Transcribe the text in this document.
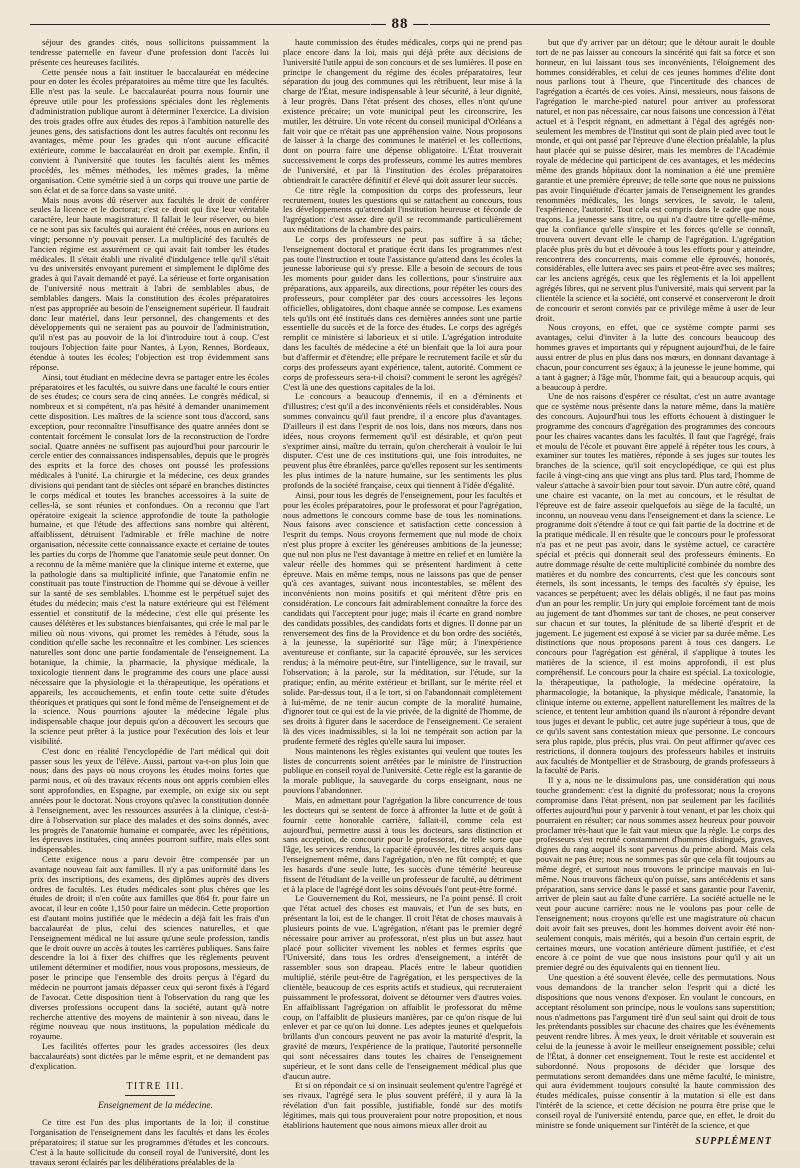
— 88 —

séjour des grandes cités, nous sollicitons puissamment la tendresse paternelle en faveur d'une profession dont l'accès lui présente ces heureuses facilités.

Cette pensée nous a fait instituer le baccalauréat en médecine pour en doter les écoles préparatoires au même titre que les facultés. Elle n'est pas la seule. Le baccalauréat pourra nous fournir une épreuve utile pour les professions spéciales dont les règlements d'administration publique auront à déterminer l'exercice. La division des trois grades offre aux études des repos à l'ambition naturelle des jeunes gens, des satisfactions dont les autres facultés ont reconnu les avantages, même pour les grades qui n'ont aucune efficacité extérieure, comme le baccalauréat en droit par exemple. Enfin, il convient à l'université que toutes les facultés aient les mêmes procédés, les mêmes méthodes, les mêmes grades, la même organisation. Cette symétrie sied à un corps qui trouve une partie de son éclat et de sa force dans sa vaste unité.

Mais nous avons dû réserver aux facultés le droit de conférer seules la licence et le doctorat; c'est ce droit qui fixe leur véritable caractère, leur haute magistrature. Il fallait le leur réserver, ou bien ce ne sont pas six facultés qui auraient été créées, nous en aurions eu vingt; personne n'y pouvait penser. La multiplicité des facultés de l'ancien régime est assurément ce qui avait fait tomber les études médicales. Il s'était établi une rivalité d'indulgence telle qu'il s'était vu des universités envoyant purement et simplement le diplôme des grades à qui l'avait demandé et payé. La sérieuse et forte organisation de l'université nous mettrait à l'abri de semblables abus, de semblables dangers. Mais la constitution des écoles préparatoires n'est pas appropriée au besoin de l'enseignement supérieur. Il faudrait donc leur matériel, dans leur personnel, des changements et des développements qui ne seraient pas au pouvoir de l'administration, qu'il n'est pas au pouvoir de la loi d'introduire tout à coup. C'est toujours l'objection faite pour Nantes, à Lyon, Rennes, Bordeaux, étendue à toutes les écoles; l'objection est trop évidemment sans réponse.

Ainsi, tout étudiant en médecine devra se partager entre les écoles préparatoires et les facultés, ou suivre dans une faculté le cours entier de ses études; ce cours sera de cinq années. Le congrès médical, si nombreux et si compétent, n'a pas hésité à demander unanimement cette disposition. Les maîtres de la science sont tous d'accord, sans exception, pour reconnaître l'insuffisance des quatre années dont se contentait forcément le consulat lors de la reconstruction de l'ordre social. Quatre années ne suffisent pas aujourd'hui pour parcourir le cercle entier des connaissances indispensables, depuis que le progrès des esprits et la force des choses ont poussé les professions médicales à l'unité. La chirurgie et la médecine, ces deux grandes divisions qui pendant tant de siècles ont séparé en branches distinctes le corps médical et toutes les branches accessoires à la suite de celles-là, se sont réunies et confondues. On a reconnu que l'art opératoire exigeait la science approfondie de toute la pathologie humaine, et que l'étude des affections sans nombre qui altèrent, affaiblissent, détruisent l'admirable et frêle machine de notre organisation, nécessite cette connaissance exacte et certaine de toutes les parties du corps de l'homme que l'anatomie seule peut donner. On a reconnu de la même manière que la clinique interne et externe, que la pathologie dans sa multiplicité infinie, que l'anatomie enfin ne constituait pas toute l'instruction de l'homme qui se dévoue à veiller sur la santé de ses semblables. L'homme est le perpétuel sujet des études du médecin; mais c'est la nature extérieure qui est l'élément essentiel et constitutif de la médecine, c'est elle qui présente les causes délétères et les substances bienfaisantes, qui crée le mal par le milieu où nous vivons, qui promet les remèdes à l'étude, sous la condition qu'elle sache les reconnaître et les combiner. Les sciences naturelles sont donc une partie fondamentale de l'enseignement. La botanique, la chimie, la pharmacie, la physique médicale, la toxicologie tiennent dans le programme des cours une place aussi nécessaire que la physiologie et la thérapeutique, les opérations et appareils, les accouchements, et enfin toute cette suite d'études théoriques et pratiques qui sont le fond même de l'enseignement et de la science. Nous pourrions ajouter la médecine légale plus indispensable chaque jour depuis qu'on a découvert les secours que la science peut prêter à la justice pour l'exécution des lois et leur visibilité.

C'est donc en réalité l'encyclopédie de l'art médical qui doit passer sous les yeux de l'élève. Aussi, partout va-t-on plus loin que nous; dans des pays où nous croyons les études moins fortes que parmi nous, et où des travaux récents nous ont appris combien elles sont approfondies, en Espagne, par exemple, on exige six ou sept années pour le doctorat. Nous croyons qu'avec la constitution donnée à l'enseignement, avec les ressources assurées à la clinique, c'est-à-dire à l'observation sur place des malades et des soins donnés, avec les progrès de l'anatomie humaine et comparée, avec les répétitions, les épreuves instituées, cinq années pourront suffire, mais elles sont indispensables.

Cette exigence nous a paru devoir être compensée par un avantage nouveau fait aux familles. Il n'y a pas uniformité dans les prix des inscriptions, des examens, des diplômes auprès des divers ordres de facultés. Les études médicales sont plus chères que les études de droit; il n'en coûte aux familles que 864 fr. pour faire un avocat, il leur en coûte 1,150 pour faire un médecin. Cette proportion est d'autant moins justifiée que le médecin a déjà fait les frais d'un baccalauréat de plus, celui des sciences naturelles, et que l'enseignement médical ne lui assure qu'une seule profession, tandis que le droit ouvre un accès à toutes les carrières publiques. Sans faire descendre la loi à fixer des chiffres que les règlements peuvent utilement déterminer et modifier, nous vous proposons, messieurs, de poser le principe que l'ensemble des droits perçus à l'égard du médecin ne pourront jamais dépasser ceux qui seront fixés à l'égard de l'avocat. Cette disposition tient à l'observation du rang que les diverses professions occupent dans la société, autant qu'à notre recherche attentive des moyens de maintenir à son niveau, dans le régime nouveau que nous instituons, la population médicale du royaume.

Les facilités offertes pour les grades accessoires (les deux baccalauréats) sont dictées par le même esprit, et ne demandent pas d'explication.

TITRE III.

Enseignement de la médecine.

Ce titre est l'un des plus importants de la loi; il constitue l'organisation de l'enseignement dans les facultés et dans les écoles préparatoires; il statue sur les programmes d'études et les concours. C'est à la haute sollicitude du conseil royal de l'université, dont les travaux seront éclairés par les délibérations préalables de la

haute commission des études médicales, corps qui ne prend pas place encore dans la loi, mais qui déjà prête aux décisions de l'université l'utile appui de son concours et de ses lumières. Il pose en principe le changement du régime des écoles préparatoires, leur séparation du joug des communes qui les rétribuent, leur mise à la charge de l'État, mesure indispensable à leur sécurité, à leur dignité, à leur progrès. Dans l'état présent des choses, elles n'ont qu'une existence précaire; un vote municipal peut les circonscrire, les mutiler, les détruire. Un vote récent du conseil municipal d'Orléans a fait voir que ce n'était pas une appréhension vaine. Nous proposons de laisser à la charge des communes le matériel et les collections, dont on pourra faire une dépense obligatoire. L'État trouverait successivement le corps des professeurs, comme les autres membres de l'université, et par là l'institution des écoles préparatoires obtiendrait le caractère définitif et élevé qui doit assurer leur succès.

Ce titre règle la composition du corps des professeurs, leur recrutement, toutes les questions qui se rattachent au concours, tous les développements qu'attendait l'institution heureuse et féconde de l'agrégation: c'est assez dire qu'il se recommande particulièrement aux méditations de la chambre des pairs.

Le corps des professeurs ne peut pas suffire à sa tâche; l'enseignement doctoral et pratique écrit dans les programmes n'est pas toute l'instruction et toute l'assistance qu'attend dans les écoles la jeunesse laborieuse qui s'y presse. Elle a besoin de secours de tous les moments pour guider dans les collections, pour s'instruire aux préparations, aux appareils, aux directions, pour répéter les cours des professeurs, pour compléter par des cours accessoires les leçons officielles, obligatoires, dont chaque année se compose. Les examens tels qu'ils ont été institués dans ces dernières années sont une partie essentielle du succès et de la force des études. Le corps des agrégés remplit ce ministère si laborieux et si utile. L'agrégation introduite dans les facultés de médecine a été un bienfait que la loi aura pour but d'affermir et d'étendre; elle prépare le recrutement facile et sûr du corps des professeurs ayant expérience, talent, autorité. Comment ce corps de professeurs sera-t-il choisi? comment le seront les agrégés? C'est là une des questions capitales de la loi.

Le concours a beaucoup d'ennemis, il en a d'éminents et d'illustres; c'est qu'il a des inconvénients réels et considérables. Nous sommes convaincu qu'il faut prendre, il a encore plus d'avantages. D'ailleurs il est dans l'esprit de nos lois, dans nos mœurs, dans nos idées, nous croyons fermement qu'il est désirable, et qu'on peut s'exprimer ainsi, maître du terrain, qu'on chercherait à vouloir le lui disputer. C'est une de ces institutions qui, une fois introduites, ne peuvent plus être ébranlées, parce qu'elles reposent sur les sentiments les plus intimes de la nature humaine, sur les sentiments les plus profonds de la société française, ceux qui tiennent à l'idée d'égalité.

Ainsi, pour tous les degrés de l'enseignement, pour les facultés et pour les écoles préparatoires, pour le professorat et pour l'agrégation, nous admettons le concours comme base de tous les nominations. Nous faisons avec conscience et satisfaction cette concession à l'esprit du temps. Nous croyons fermement que nul mode de choix n'est plus propre à exciter les généreuses ambitions de la jeunesse; que nul non plus ne l'est davantage à mettre en relief et en lumière la valeur réelle des hommes qui se présentent hardiment à cette épreuve. Mais en même temps, nous ne laissons pas que de penser qu'à ces avantages, suivant nous incontestables, se mêlent des inconvénients non moins positifs et qui méritent d'être pris en considération. Le concours fait admirablement connaître la force des candidats qui l'acceptent pour juge; mais il écarte en grand nombre des candidats possibles, des candidats forts et dignes. Il donne par un renversement des fins de la Providence et du bon ordre des sociétés, à la jeunesse, la supériorité sur l'âge mûr; à l'inexpérience aventureuse et confiante, sur la capacité éprouvée, sur les services rendus; à la mémoire peut-être, sur l'intelligence, sur le travail, sur l'observation; à la parole, sur la méditation, sur l'étude, sur la pratique; enfin, au mérite extérieur et brillant, sur le mérite réel et solide. Par-dessus tout, il a le tort, si on l'abandonnait complètement à lui-même, de ne tenir aucun compte de la moralité humaine, d'ignorer tout ce qui est de la vie privée, de la dignité de l'homme, de ses droits à figurer dans le sacerdoce de l'enseignement. Ce seraient là des vices inadmissibles, si la loi ne tempérait son action par la prudente fermeté des règles qu'elle saura lui imposer.

Nous maintenons les règles existantes qui veulent que toutes les listes de concurrents soient arrêtées par le ministre de l'instruction publique en conseil royal de l'université. Cette règle est la garantie de la morale publique, la sauvegarde du corps enseignant, nous ne pouvions l'abandonner.

Mais, en admettant pour l'agrégation la libre concurrence de tous les docteurs qui se sentent de force à affronter la lutte et de goût à fournir cette honorable carrière, fallait-il, comme cela est aujourd'hui, permettre aussi à tous les docteurs, sans distinction et sans acception, de concourir pour le professorat, de telle sorte que l'âge, les services rendus, la capacité éprouvée, les titres acquis dans l'enseignement même, dans l'agrégation, n'en ne fût compté; et que les hasards d'une seule lutte, les succès d'une témérité heureuse fissent de l'étudiant de la veille un professeur de faculté, au détriment et à la place de l'agrégé dont les soins dévoués l'ont peut-être formé.

Le Gouvernement du Roi, messieurs, ne l'a point pensé. Il croit que l'état actuel des choses est mauvais, et l'un de ses buts, en présentant la loi, est de le changer. Il croit l'état de choses mauvais à plusieurs points de vue. L'agrégation, n'étant pas le premier degré nécessaire pour arriver au professorat, n'est plus un but assez haut placé pour solliciter vivement les nobles et fermes esprits que l'Université, dans tous les ordres d'enseignement, a intérêt de rassembler sous son drapeau. Placés entre le labeur quotidien multiplié, stérile peut-être de l'agrégation, et les perspectives de la clientèle, beaucoup de ces esprits actifs et studieux, qui recruteraient puissamment le professorat, doivent se détourner vers d'autres voies. En affaiblissant l'agrégation on affaiblit le professorat du même coup, on l'affaiblit de plusieurs manières, par ce qu'on risque de lui enlever et par ce qu'on lui donne. Les adeptes jeunes et quelquefois brillants d'un concours peuvent ne pas avoir la maturité d'esprit, la gravité de mœurs, l'expérience de la pratique, l'autorité personnelle qui sont nécessaires dans toutes les chaires de l'enseignement supérieur, et le sont dans celle de l'enseignement médical plus que d'aucun autre.

Et si on répondait ce si on insinuait seulement qu'entre l'agrégé et ses rivaux, l'agrégé sera le plus souvent préféré, il y aura là la révélation d'un fait possible, justifiable, fondé sur des motifs légitimes, mais qui tous prouveraient pour notre proposition, et nous établirions hautement que nous aimons mieux aller droit au

but que d'y arriver par un détour; que le détour aurait le double tort de ne pas laisser au concours la sincérité qui fait sa force et son honneur, en lui laissant tous ses inconvénients, l'éloignement des hommes considérables, et celui de ces jeunes hommes d'élite dont nous parlions tout à l'heure, que l'incertitude des chances de l'agrégation a écartés de ces voies. Ainsi, messieurs, nous faisons de l'agrégation le marche-pied naturel pour arriver au professorat naturel, et non pas nécessaire, car nous faisons une concession à l'état actuel et à l'esprit régnant, en admettant à l'égal des agrégés non-seulement les membres de l'Institut qui sont de plain pied avec tout le monde, et qui ont passé par l'épreuve d'une élection préalable, la plus haut placée qui se puisse désirer, mais les membres de l'Académie royale de médecine qui participent de ces avantages, et les médecins même des grands hôpitaux dont la nomination a été une première garantie et une première épreuve; de telle sorte que nous ne puissions pas avoir l'inquiétude d'écarter jamais de l'enseignement les grandes renommées médicales, les longs services, le savoir, le talent, l'expérience, l'autorité. Tout cela est compris dans le cadre que nous traçons. La jeunesse sans titre, ou qui n'a d'autre titre qu'elle-même, que la confiance qu'elle s'inspire et les forces qu'elle se connaît, trouvera ouvert devant elle le champ de l'agrégation. L'agrégation placée plus près du but et dévouée à tous les efforts pour y atteindre, rencontrera des concurrents, mais comme elle éprouvés, honorés, considérables, elle luttera avec ses pairs et peut-être avec ses maîtres; car les anciens agrégés, ceux que les règlements et la loi appellent agrégés libres, qui ne servent plus l'université, mais qui servent par la clientèle la science et la société, ont conservé et conserveront le droit de concourir et seront conviés par ce privilège même à user de leur droit.

Nous croyons, en effet, que ce système compte parmi ses avantages, celui d'inviter à la lutte des concours beaucoup des hommes graves et importants qui y répugnent aujourd'hui, de le faire aussi entrer de plus en plus dans nos mœurs, en donnant davantage à chacun, pour concurrent ses égaux; à la jeunesse le jeune homme, qui a tant à gagner; à l'âge mûr, l'homme fait, qui a beaucoup acquis, qui a beaucoup à perdre.

Une de nos raisons d'espérer ce résultat, c'est un autre avantage que ce système nous présente dans la nature même, dans la matière des concours. Aujourd'hui tous les efforts échouent à distinguer le programme des concours d'agrégation des programmes des concours pour les chaires vacantes dans les facultés. Il faut que l'agrégé, frais et moulu de l'école et pouvant être appelé à répéter tous les cours, à examiner sur toutes les matières, réponde à ses juges sur toutes les branches de la science, qu'il soit encyclopédique, ce qui est plus facile à vingt-cinq ans que vingt ans plus tard. Plus tard, l'homme de valeur s'attache à savoir bien pour tout savoir. D'un autre côté, quand une chaire est vacante, on la met au concours, et le résultat de l'épreuve est de faire asseoir quelquefois au siège de la faculté, un inconnu, un nouveau venu dans l'enseignement et dans la science. Le programme doit s'étendre à tout ce qui fait partie de la doctrine et de la pratique médicale. Il en résulte que le concours pour le professorat n'a pas et ne peut pas avoir, dans le système actuel, ce caractère spécial et précis qui donnerait seul des professeurs éminents. En autre dommage résulte de cette multiplicité combinée du nombre des matières et du nombre des concurrents, c'est que les concours sont éternels, ils sont incessants, le temps des facultés s'y épuise, les vacances se perpétuent; avec les délais obligés, il ne faut pas moins d'un an pour les remplir. Un jury qui emploie forcément tant de mois au jugement de tant d'hommes sur tant de choses, ne peut conserver sur chacun et sur toutes, la plénitude de sa liberté d'esprit et de jugement. Le jugement est exposé à se vicier par sa durée même. Les distinctions que nous proposons parent à tous ces dangers. Le concours pour l'agrégation est général, il s'applique à toutes les matières de la science, il est moins approfondi, il est plus compréhensif. Le concours pour la chaire est spécial. La toxicologie, la thérapeutique, la pathologie, la médecine opératoire, la pharmacologie, la botanique, la physique médicale, l'anatomie, la clinique interne ou externe, appellent naturellement les maîtres de la science, et tentent leur ambition quand ils n'auront à répondre devant tous juges et devant le public, cet autre juge supérieur à tous, que de ce qu'ils savent sans contestation mieux que personne. Le concours sera plus rapide, plus précis, plus vrai. On peut affirmer qu'avec ces restrictions, il donnera toujours des professeurs habiles et instruits aux facultés de Montpellier et de Strasbourg, de grands professeurs à la faculté de Paris.

Il y a, nous ne le dissimulons pas, une considération qui nous touche grandement: c'est la dignité du professorat; nous la croyons compromise dans l'état présent, non par seulement par les facilités offertes aujourd'hui pour y parvenir à tout venant, et par les choix qui pourraient en résulter; car nous sommes assez heureux pour pouvoir proclamer très-haut que le fait vaut mieux que la règle. Le corps des professeurs s'est recruté constamment d'hommes distingués, graves, dignes du rang auquel ils sont parvenus du prime abord. Mais cela pouvait ne pas être; nous ne sommes pas sûr que cela fût toujours au même degré, et surtout nous trouvons le principe mauvais en lui-même. Nous trouvons fâcheux qu'on puisse, sans antécédents et sans préparation, sans service dans le passé et sans garantie pour l'avenir, arriver de plein saut au faîte d'une carrière. La société actuelle ne le veut pour aucune carrière: nous ne le voulons pas pour celle de l'enseignement; nous croyons qu'elle est une magistrature où chacun doit avoir fait ses preuves, dont les hommes doivent avoir été non-seulement conquis, mais mérités, qui a besoin d'un certain esprit, de certaines mœurs, une vocation antérieure dûment justifiée, et c'est encore à ce point de vue que nous insistons pour qu'il y ait un premier degré ou des équivalents qui en tiennent lieu.

Une question a été souvent élevée, celle des permutations. Nous vous demandons de la trancher selon l'esprit qui a dicté les dispositions que nous venons d'exposer. En voulant le concours, en acceptant résolument son principe, nous le voulons sans superstition; nous n'admettons pas l'argument tiré d'un seul saint qui droit de tous les prétendants possibles sur chacune des chaires que les événements peuvent rendre libres. À mes yeux, le droit véritable et souverain est celui de la jeunesse à avoir le meilleur enseignement possible; celui de l'État, à donner cet enseignement. Tout le reste est accidentel et subordonné. Nous proposons de décider que lorsque des permutations seront demandées dans une même faculté, le ministre, qui aura évidemment toujours consulté la haute commission des études médicales, puisse consentir à la mutation si elle est dans l'intérêt de la science, et cette décision ne pourra être prise que le conseil royal de l'université entendu, parce que, en effet, le droit du ministre se fonde uniquement sur l'intérêt de la science, et que

SUPPLÉMENT
